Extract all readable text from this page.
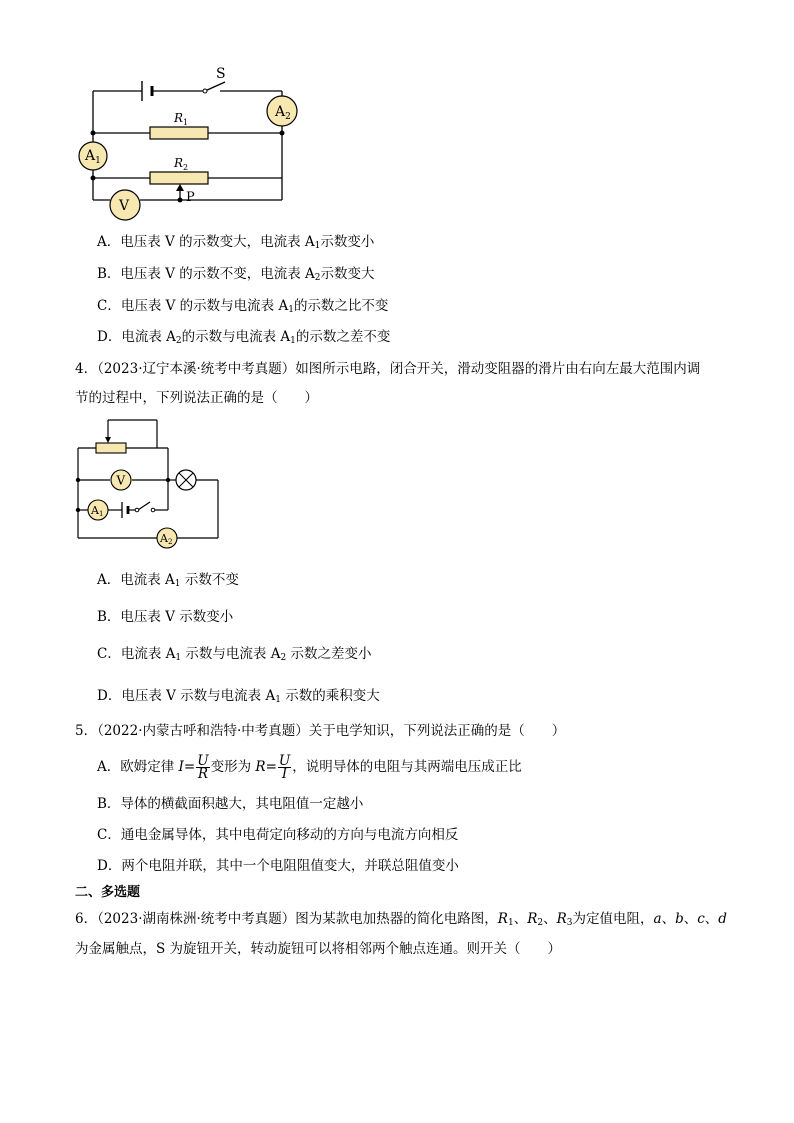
S
$R_1$
$R_2$
P
$A_2$
$A_1$
V
A．电压表 V 的示数变大，电流表 $A_1$示数变小
B．电压表 V 的示数不变，电流表 $A_2$示数变大
C．电压表 V 的示数与电流表 $A_1$的示数之比不变
D．电流表 $A_2$的示数与电流表 $A_1$的示数之差不变
4．（2023·辽宁本溪·统考中考真题）如图所示电路，闭合开关，滑动变阻器的滑片由右向左最大范围内调
节的过程中，下列说法正确的是（　　）
V
A1
A2
A．电流表 $A_1$ 示数不变
B．电压表 V 示数变小
C．电流表 $A_1$ 示数与电流表 $A_2$ 示数之差变小
D．电压表 V 示数与电流表 $A_1$ 示数的乘积变大
5．（2022·内蒙古呼和浩特·中考真题）关于电学知识，下列说法正确的是（　　）
A．欧姆定律 $I= \frac{U}{R}$ 变形为 $R= \frac{U}{I}$ ，说明导体的电阻与其两端电压成正比
B．导体的横截面积越大，其电阻值一定越小
C．通电金属导体，其中电荷定向移动的方向与电流方向相反
D．两个电阻并联，其中一个电阻阻值变大，并联总阻值变小
二、多选题
6．（2023·湖南株洲·统考中考真题）图为某款电加热器的简化电路图，$R_1$、$R_2$、$R_3$为定值电阻，a、b、c、d
为金属触点，S 为旋钮开关，转动旋钮可以将相邻两个触点连通。则开关（　　）
